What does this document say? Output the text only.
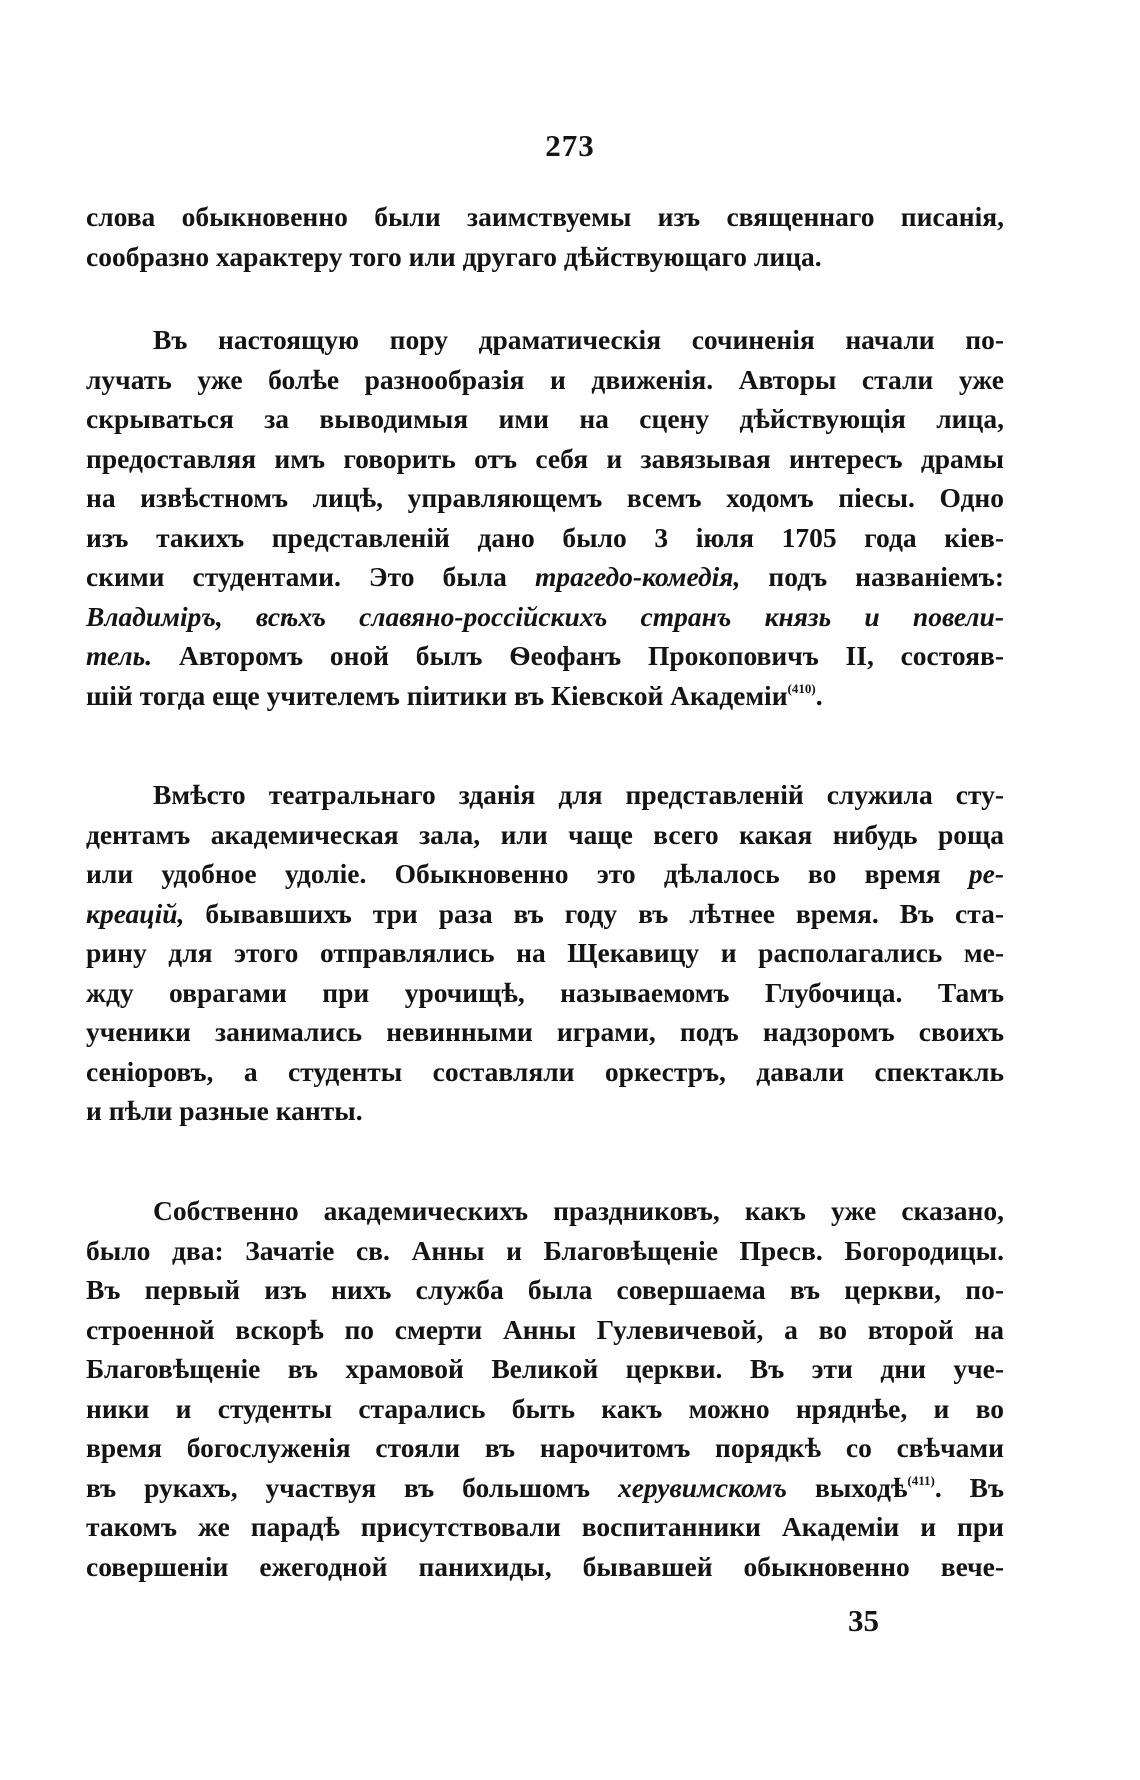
273
слова обыкновенно были заимствуемы изъ священнаго писанія,
сообразно характеру того или другаго дѣйствующаго лица.
Въ настоящую пору драматическія сочиненія начали по-
лучать уже болѣе разнообразія и движенія. Авторы стали уже
скрываться за выводимыя ими на сцену дѣйствующія лица,
предоставляя имъ говорить отъ себя и завязывая интересъ драмы
на извѣстномъ лицѣ, управляющемъ всемъ ходомъ піесы. Одно
изъ такихъ представленій дано было 3 іюля 1705 года кіев-
скими студентами. Это была трагедо-комедія, подъ названіемъ:
Владиміръ, всѣхъ славяно-россійскихъ странъ князь и повели-
тель. Авторомъ оной былъ Ѳеофанъ Прокоповичъ II, состояв-
шій тогда еще учителемъ піитики въ Кіевской Академіи$^{(410)}$.
Вмѣсто театральнаго зданія для представленій служила сту-
дентамъ академическая зала, или чаще всего какая нибудь роща
или удобное удоліе. Обыкновенно это дѣлалось во время ре-
креацій, бывавшихъ три раза въ году въ лѣтнее время. Въ ста-
рину для этого отправлялись на Щекавицу и располагались ме-
жду оврагами при урочищѣ, называемомъ Глубочица. Тамъ
ученики занимались невинными играми, подъ надзоромъ своихъ
сеніоровъ, а студенты составляли оркестръ, давали спектакль
и пѣли разные канты.
Собственно академическихъ праздниковъ, какъ уже сказано,
было два: Зачатіе св. Анны и Благовѣщеніе Пресв. Богородицы.
Въ первый изъ нихъ служба была совершаема въ церкви, по-
строенной вскорѣ по смерти Анны Гулевичевой, а во второй на
Благовѣщеніе въ храмовой Великой церкви. Въ эти дни уче-
ники и студенты старались быть какъ можно нряднѣе, и во
время богослуженія стояли въ нарочитомъ порядкѣ со свѣчами
въ рукахъ, участвуя въ большомъ херувимскомъ выходѣ$^{(411)}$. Въ
такомъ же парадѣ присутствовали воспитанники Академіи и при
совершеніи ежегодной панихиды, бывавшей обыкновенно вече-
35
